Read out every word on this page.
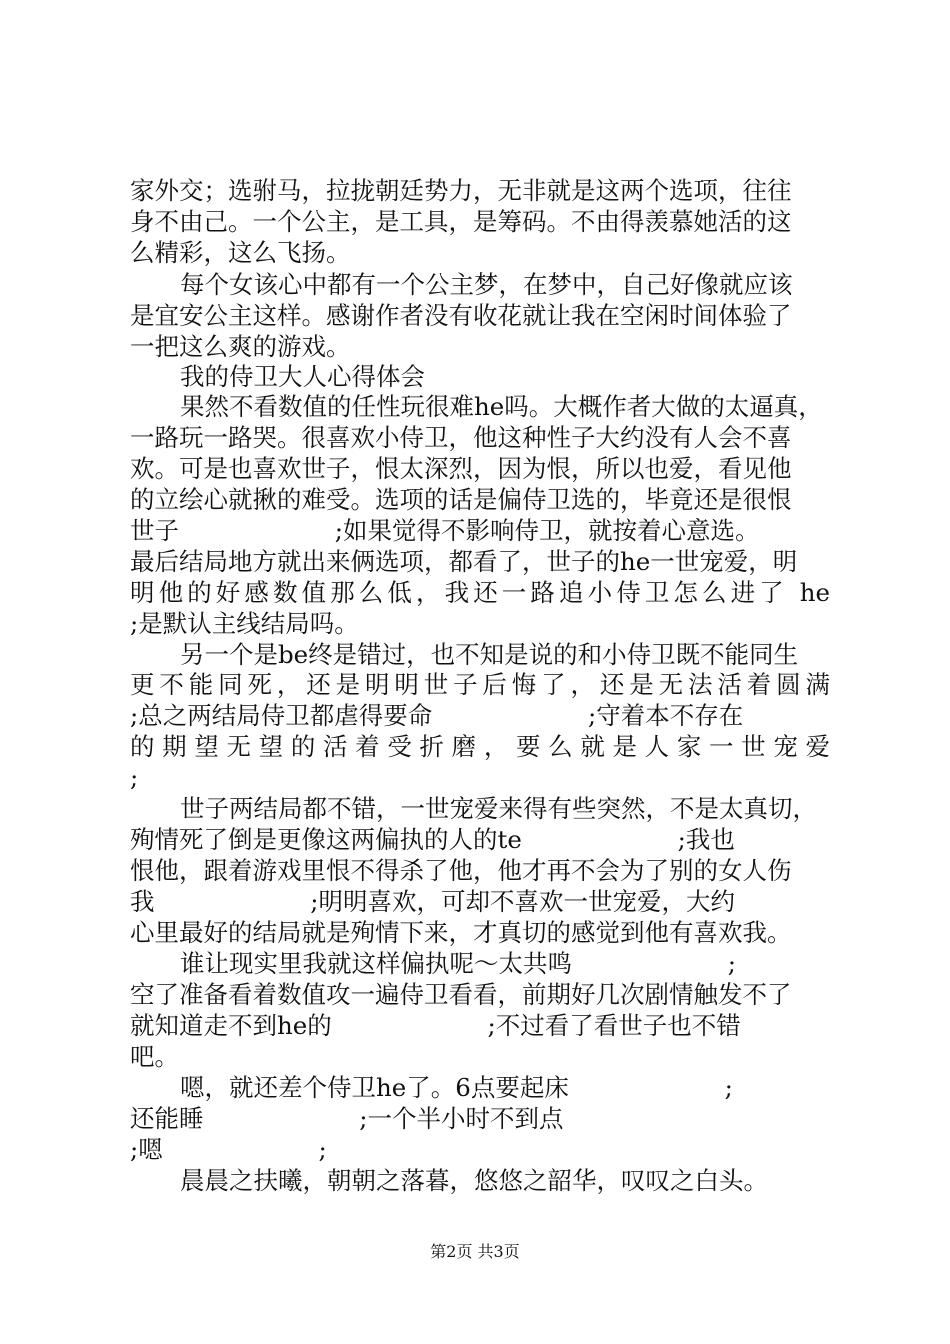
家外交；选驸马，拉拢朝廷势力，无非就是这两个选项，往往
身不由己。一个公主，是工具，是筹码。不由得羡慕她活的这
么精彩，这么飞扬。
每个女该心中都有一个公主梦，在梦中，自己好像就应该
是宜安公主这样。感谢作者没有收花就让我在空闲时间体验了
一把这么爽的游戏。
我的侍卫大人心得体会
果然不看数值的任性玩很难he吗。大概作者大做的太逼真，
一路玩一路哭。很喜欢小侍卫，他这种性子大约没有人会不喜
欢。可是也喜欢世子，恨太深烈，因为恨，所以也爱，看见他
的立绘心就揪的难受。选项的话是偏侍卫选的，毕竟还是很恨
世子                    ;如果觉得不影响侍卫，就按着心意选。
最后结局地方就出来俩选项，都看了，世子的he一世宠爱，明
明他的好感数值那么低，我还一路追小侍卫怎么进了 he
;是默认主线结局吗。
另一个是be终是错过，也不知是说的和小侍卫既不能同生
更不能同死，还是明明世子后悔了，还是无法活着圆满
;总之两结局侍卫都虐得要命                    ;守着本不存在
的期望无望的活着受折磨，要么就是人家一世宠爱
;
世子两结局都不错，一世宠爱来得有些突然，不是太真切，
殉情死了倒是更像这两偏执的人的te                    ;我也
恨他，跟着游戏里恨不得杀了他，他才再不会为了别的女人伤
我                    ;明明喜欢，可却不喜欢一世宠爱，大约
心里最好的结局就是殉情下来，才真切的感觉到他有喜欢我。
谁让现实里我就这样偏执呢～太共鸣                    ;
空了准备看着数值攻一遍侍卫看看，前期好几次剧情触发不了
就知道走不到he的                    ;不过看了看世子也不错
吧。
嗯，就还差个侍卫he了。6点要起床                    ;
还能睡                    ;一个半小时不到点
;嗯                    ;
晨晨之扶曦，朝朝之落暮，悠悠之韶华，叹叹之白头。
第2页 共3页
